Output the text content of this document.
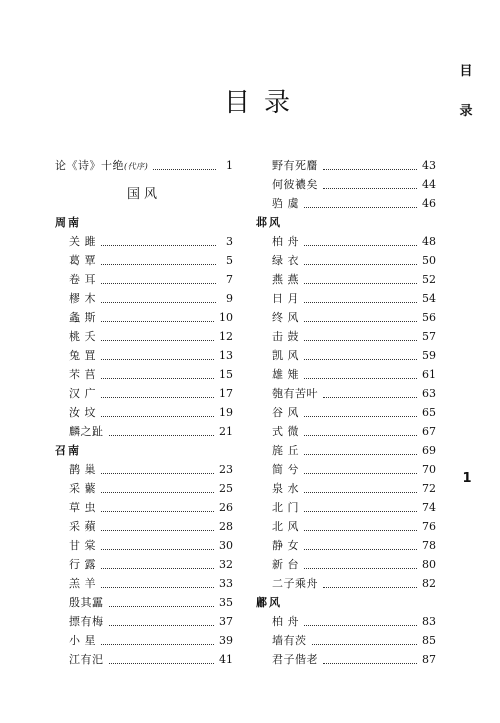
目录
目
录
1
论《诗》十绝(代序)	1
国风
周南
关 雎	3
葛 覃	5
卷 耳	7
樛 木	9
螽 斯	10
桃 夭	12
兔 罝	13
芣 苢	15
汉 广	17
汝 坟	19
麟之趾	21
召南
鹊 巢	23
采 蘩	25
草 虫	26
采 蘋	28
甘 棠	30
行 露	32
羔 羊	33
殷其靁	35
摽有梅	37
小 星	39
江有汜	41
野有死麕	43
何彼襛矣	44
驺 虞	46
邶风
柏 舟	48
绿 衣	50
燕 燕	52
日 月	54
终 风	56
击 鼓	57
凯 风	59
雄 雉	61
匏有苦叶	63
谷 风	65
式 微	67
旄 丘	69
简 兮	70
泉 水	72
北 门	74
北 风	76
静 女	78
新 台	80
二子乘舟	82
鄘风
柏 舟	83
墙有茨	85
君子偕老	87
